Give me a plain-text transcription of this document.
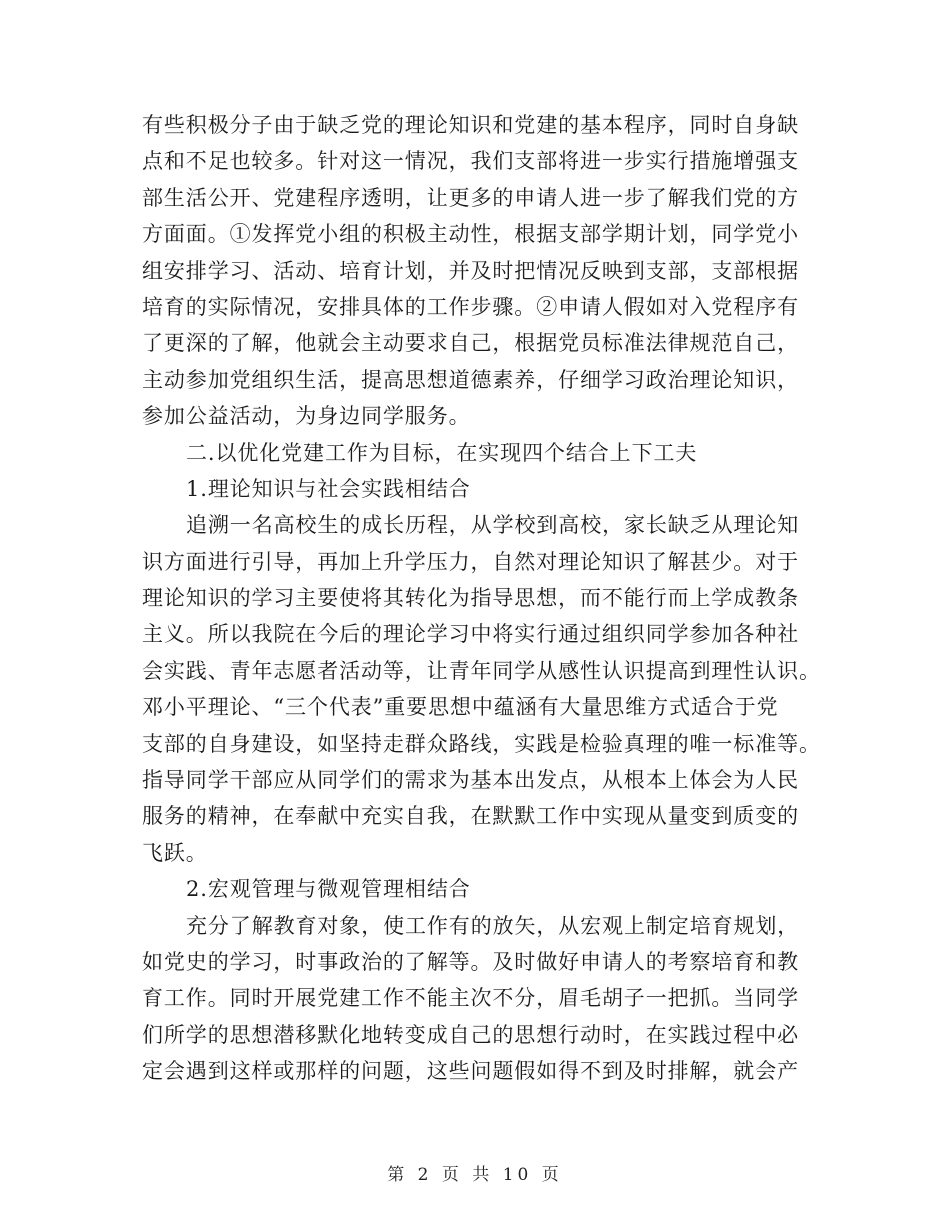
有些积极分子由于缺乏党的理论知识和党建的基本程序，同时自身缺
点和不足也较多。针对这一情况，我们支部将进一步实行措施增强支
部生活公开、党建程序透明，让更多的申请人进一步了解我们党的方
方面面。①发挥党小组的积极主动性，根据支部学期计划，同学党小
组安排学习、活动、培育计划，并及时把情况反映到支部，支部根据
培育的实际情况，安排具体的工作步骤。②申请人假如对入党程序有
了更深的了解，他就会主动要求自己，根据党员标准法律规范自己，
主动参加党组织生活，提高思想道德素养，仔细学习政治理论知识，
参加公益活动，为身边同学服务。
二.以优化党建工作为目标，在实现四个结合上下工夫
1.理论知识与社会实践相结合
追溯一名高校生的成长历程，从学校到高校，家长缺乏从理论知
识方面进行引导，再加上升学压力，自然对理论知识了解甚少。对于
理论知识的学习主要使将其转化为指导思想，而不能行而上学成教条
主义。所以我院在今后的理论学习中将实行通过组织同学参加各种社
会实践、青年志愿者活动等，让青年同学从感性认识提高到理性认识。
邓小平理论、“三个代表”重要思想中蕴涵有大量思维方式适合于党
支部的自身建设，如坚持走群众路线，实践是检验真理的唯一标准等。
指导同学干部应从同学们的需求为基本出发点，从根本上体会为人民
服务的精神，在奉献中充实自我，在默默工作中实现从量变到质变的
飞跃。
2.宏观管理与微观管理相结合
充分了解教育对象，使工作有的放矢，从宏观上制定培育规划，
如党史的学习，时事政治的了解等。及时做好申请人的考察培育和教
育工作。同时开展党建工作不能主次不分，眉毛胡子一把抓。当同学
们所学的思想潜移默化地转变成自己的思想行动时，在实践过程中必
定会遇到这样或那样的问题，这些问题假如得不到及时排解，就会产
第 2 页 共 10 页
